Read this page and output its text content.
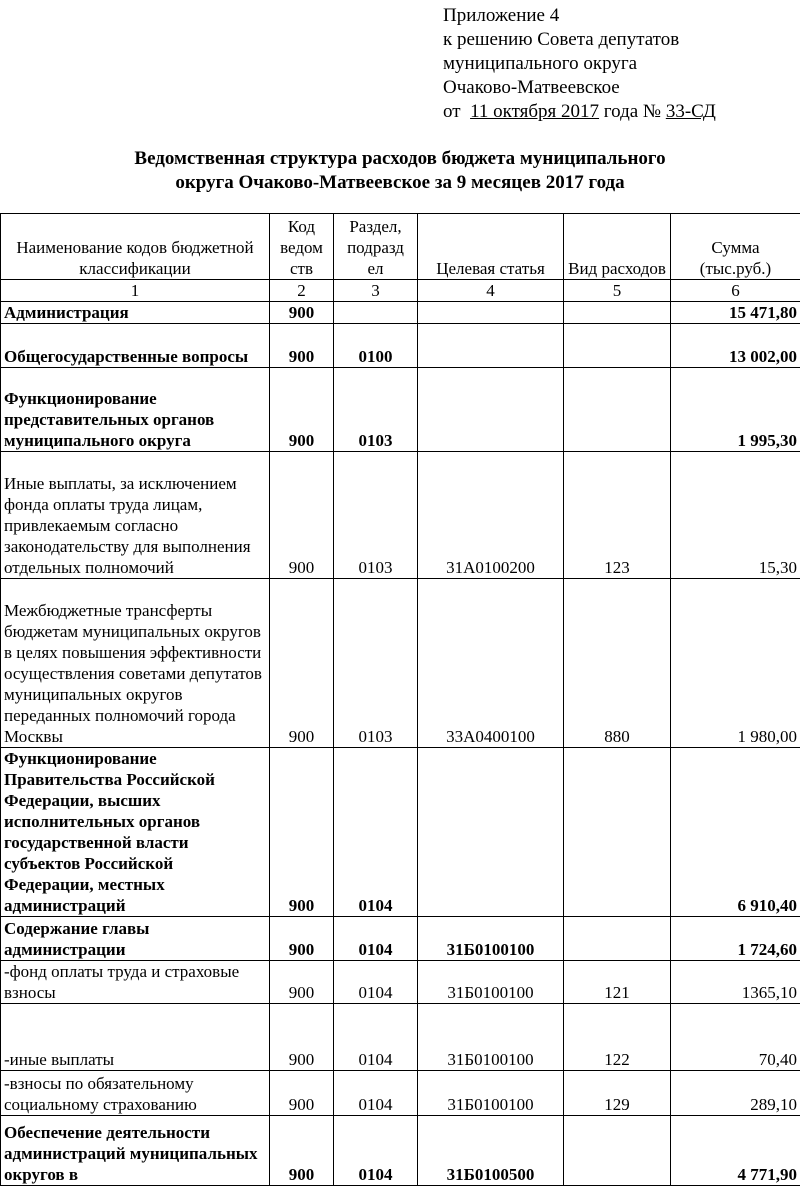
Приложение 4
к решению Совета депутатов
муниципального округа
Очаково-Матвеевское
от 11 октября 2017 года № 33-СД
Ведомственная структура расходов бюджета муниципального
округа Очаково-Матвеевское за 9 месяцев 2017 года
Наименование кодов бюджетной классификации	Код ведом ств	Раздел, подразд ел	Целевая статья	Вид расходов	Сумма (тыс.руб.)
1	2	3	4	5	6
Администрация	900				15 471,80
Общегосударственные вопросы	900	0100			13 002,00
Функционирование представительных органов муниципального округа	900	0103			1 995,30
Иные выплаты, за исключением фонда оплаты труда лицам, привлекаемым согласно законодательству для выполнения отдельных полномочий	900	0103	31А0100200	123	15,30
Межбюджетные трансферты бюджетам муниципальных округов в целях повышения эффективности осуществления советами депутатов муниципальных округов переданных полномочий города Москвы	900	0103	33А0400100	880	1 980,00
Функционирование Правительства Российской Федерации, высших исполнительных органов государственной власти субъектов Российской Федерации, местных администраций	900	0104			6 910,40
Содержание главы администрации	900	0104	31Б0100100		1 724,60
-фонд оплаты труда и страховые взносы	900	0104	31Б0100100	121	1365,10
-иные выплаты	900	0104	31Б0100100	122	70,40
-взносы по обязательному социальному страхованию	900	0104	31Б0100100	129	289,10
Обеспечение деятельности администраций муниципальных округов в	900	0104	31Б0100500		4 771,90
